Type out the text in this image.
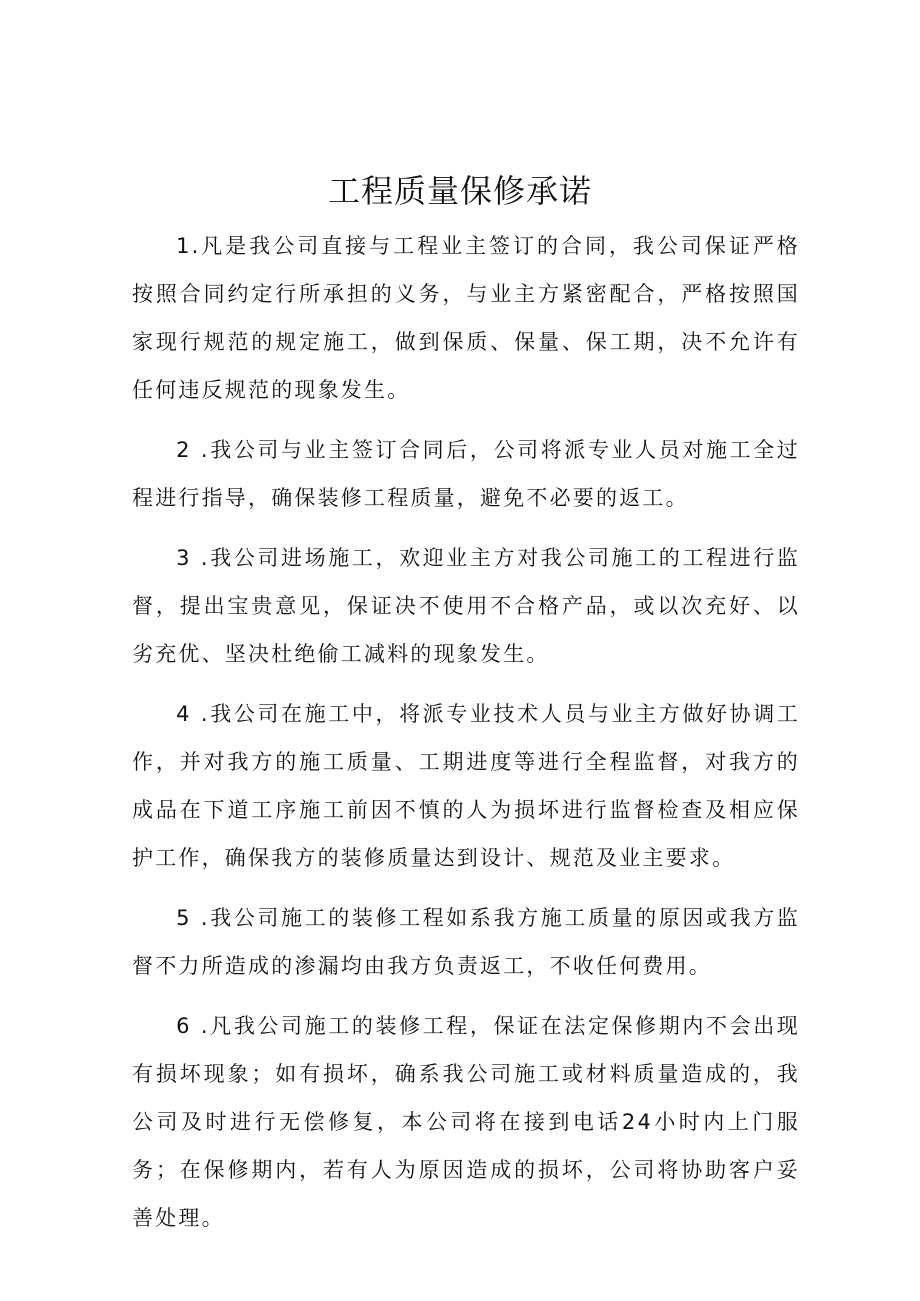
工程质量保修承诺

1.凡是我公司直接与工程业主签订的合同，我公司保证严格按照合同约定行所承担的义务，与业主方紧密配合，严格按照国家现行规范的规定施工，做到保质、保量、保工期，决不允许有任何违反规范的现象发生。

2 .我公司与业主签订合同后，公司将派专业人员对施工全过程进行指导，确保装修工程质量，避免不必要的返工。

3 .我公司进场施工，欢迎业主方对我公司施工的工程进行监督，提出宝贵意见，保证决不使用不合格产品，或以次充好、以劣充优、坚决杜绝偷工减料的现象发生。

4 .我公司在施工中，将派专业技术人员与业主方做好协调工作，并对我方的施工质量、工期进度等进行全程监督，对我方的成品在下道工序施工前因不慎的人为损坏进行监督检查及相应保护工作，确保我方的装修质量达到设计、规范及业主要求。

5 .我公司施工的装修工程如系我方施工质量的原因或我方监督不力所造成的渗漏均由我方负责返工，不收任何费用。

6 .凡我公司施工的装修工程，保证在法定保修期内不会出现有损坏现象；如有损坏，确系我公司施工或材料质量造成的，我公司及时进行无偿修复，本公司将在接到电话24小时内上门服务；在保修期内，若有人为原因造成的损坏，公司将协助客户妥善处理。
